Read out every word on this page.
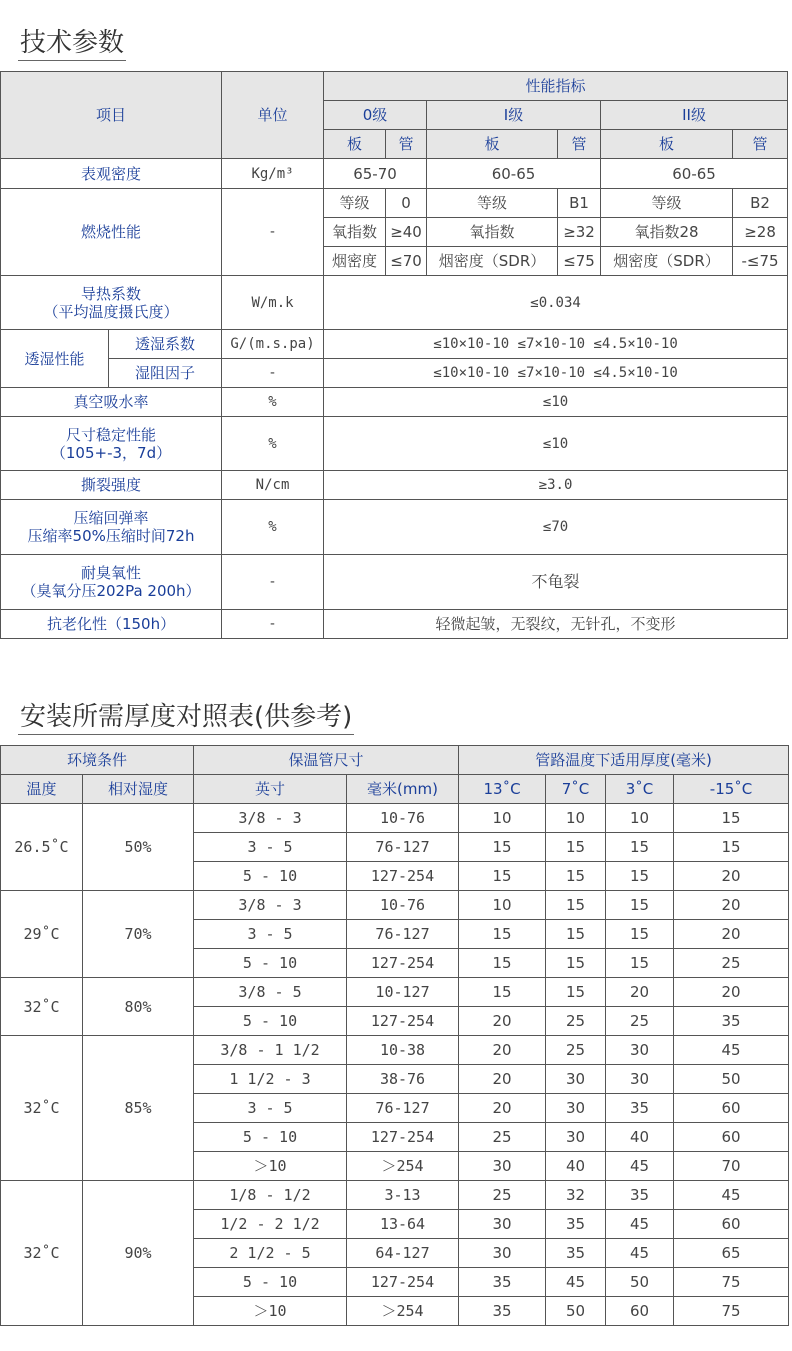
技术参数
项目		单位	性能指标					
			0级		I级		II级	
			板	管	板	管	板	管
表观密度		Kg/m³	65-70		60-65		60-65	
燃烧性能		-	等级	0	等级	B1	等级	B2
			氧指数	≥40	氧指数	≥32	氧指数28	≥28
			烟密度	≤70	烟密度（SDR）	≤75	烟密度（SDR）	-≤75

导热系数
（平均温度摄氏度）		W/m.k	≤0.034					
透湿性能	透湿系数	G/(m.s.pa)	≤10×10-10 ≤7×10-10 ≤4.5×10-10					
	湿阻因子	-	≤10×10-10 ≤7×10-10 ≤4.5×10-10					
真空吸水率		%	≤10					

尺寸稳定性能
（105+-3，7d）		%	≤10					
撕裂强度		N/cm	≥3.0					

压缩回弹率
压缩率50%压缩时间72h		%	≤70					

耐臭氧性
（臭氧分压202Pa 200h）		-	不龟裂					
抗老化性（150h）		-	轻微起皱，无裂纹，无针孔，不变形					
安装所需厚度对照表(供参考)
环境条件		保温管尺寸		管路温度下适用厚度(毫米)			
温度	相对湿度	英寸	毫米(mm)	13˚C	7˚C	3˚C	-15˚C
26.5˚C	50%	3/8 - 3	10-76	10	10	10	15
		3 - 5	76-127	15	15	15	15
		5 - 10	127-254	15	15	15	20
29˚C	70%	3/8 - 3	10-76	10	15	15	20
		3 - 5	76-127	15	15	15	20
		5 - 10	127-254	15	15	15	25
32˚C	80%	3/8 - 5	10-127	15	15	20	20
		5 - 10	127-254	20	25	25	35
32˚C	85%	3/8 - 1 1/2	10-38	20	25	30	45
		1 1/2 - 3	38-76	20	30	30	50
		3 - 5	76-127	20	30	35	60
		5 - 10	127-254	25	30	40	60
		＞10	＞254	30	40	45	70
32˚C	90%	1/8 - 1/2	3-13	25	32	35	45
		1/2 - 2 1/2	13-64	30	35	45	60
		2 1/2 - 5	64-127	30	35	45	65
		5 - 10	127-254	35	45	50	75
		＞10	＞254	35	50	60	75
